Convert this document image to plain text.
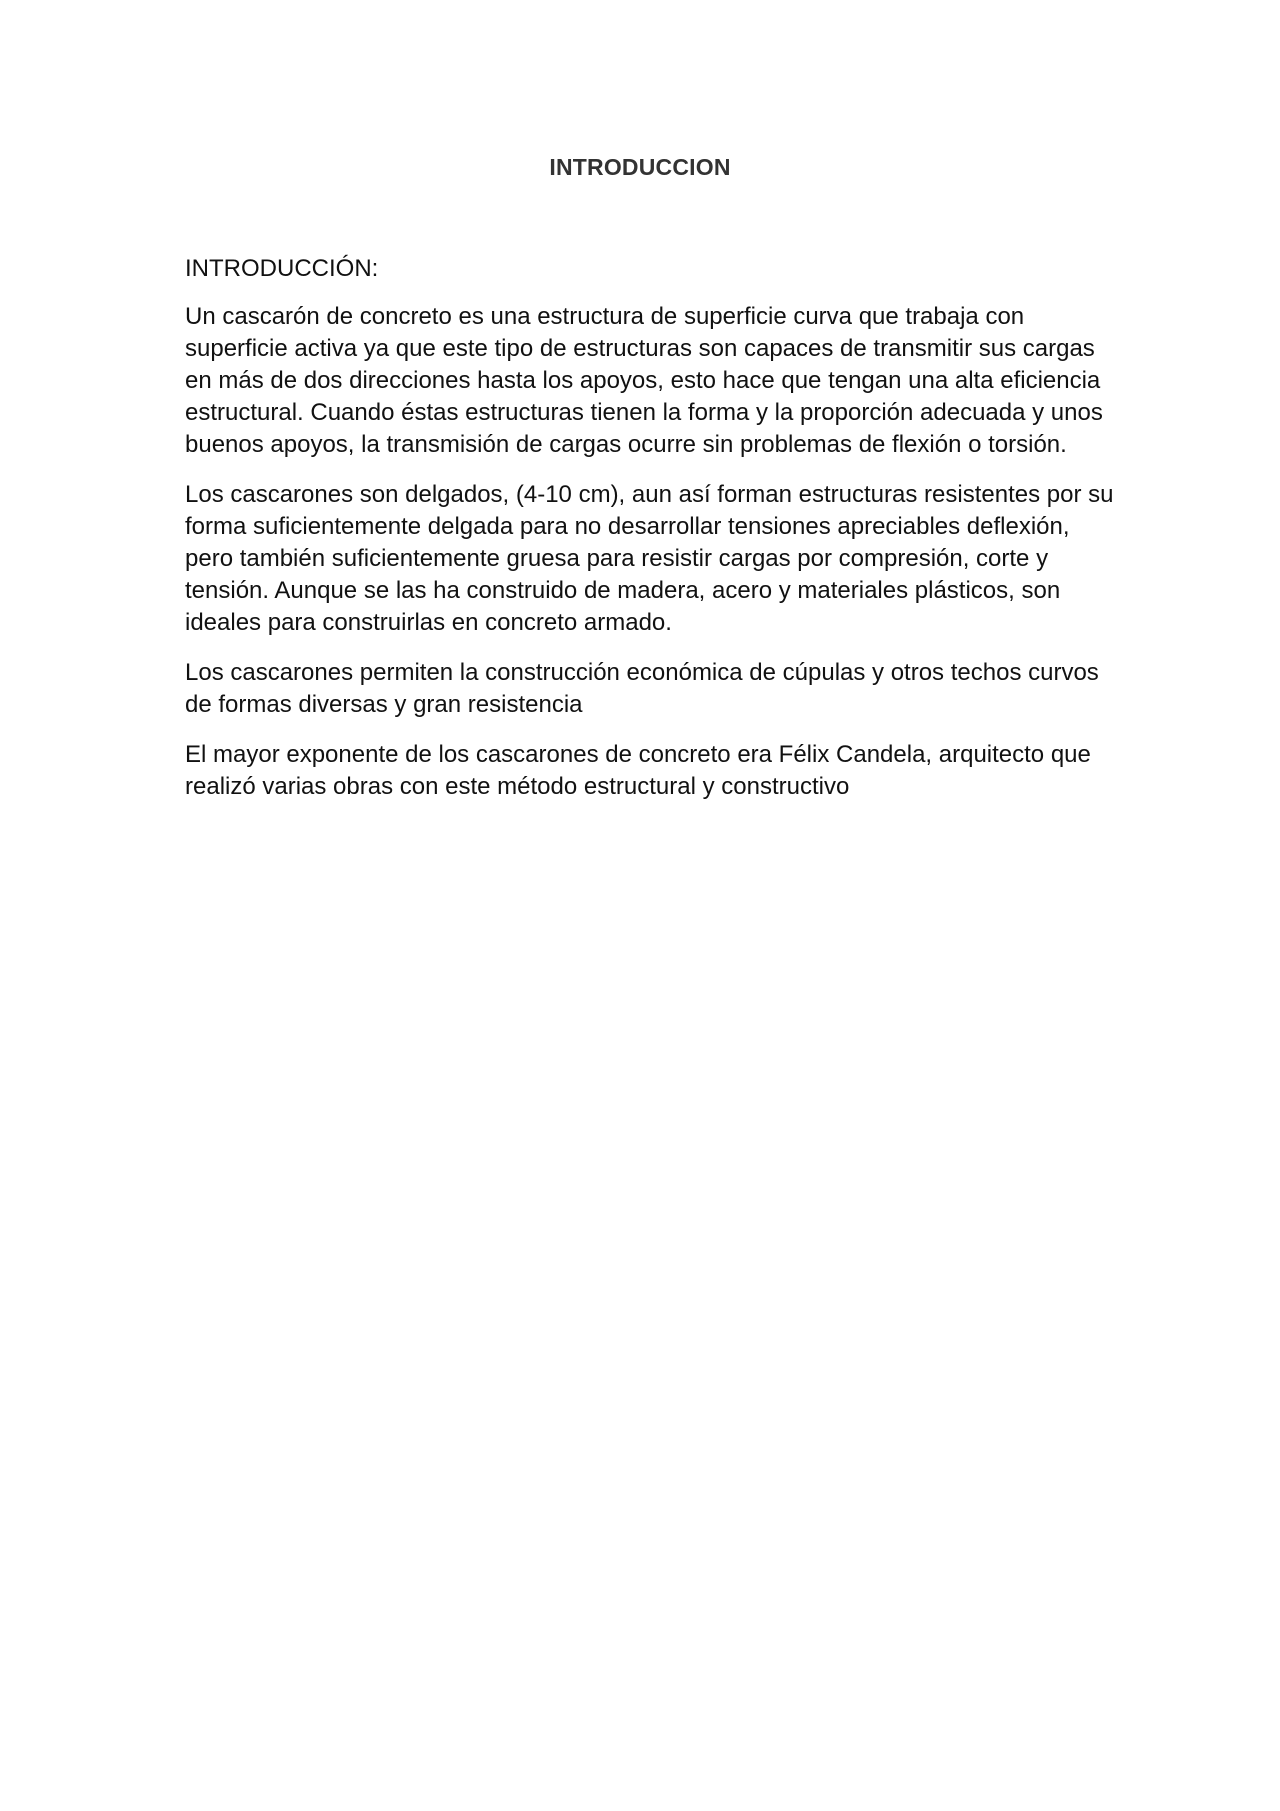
INTRODUCCION

INTRODUCCIÓN:

Un cascarón de concreto es una estructura de superficie curva que trabaja con superficie activa ya que este tipo de estructuras son capaces de transmitir sus cargas en más de dos direcciones hasta los apoyos, esto hace que tengan una alta eficiencia estructural. Cuando éstas estructuras tienen la forma y la proporción adecuada y unos buenos apoyos, la transmisión de cargas ocurre sin problemas de flexión o torsión.

Los cascarones son delgados, (4-10 cm), aun así forman estructuras resistentes por su forma suficientemente delgada para no desarrollar tensiones apreciables deflexión, pero también suficientemente gruesa para resistir cargas por compresión, corte y tensión. Aunque se las ha construido de madera, acero y materiales plásticos, son ideales para construirlas en concreto armado.

Los cascarones permiten la construcción económica de cúpulas y otros techos curvos de formas diversas y gran resistencia

El mayor exponente de los cascarones de concreto era Félix Candela, arquitecto que realizó varias obras con este método estructural y constructivo
